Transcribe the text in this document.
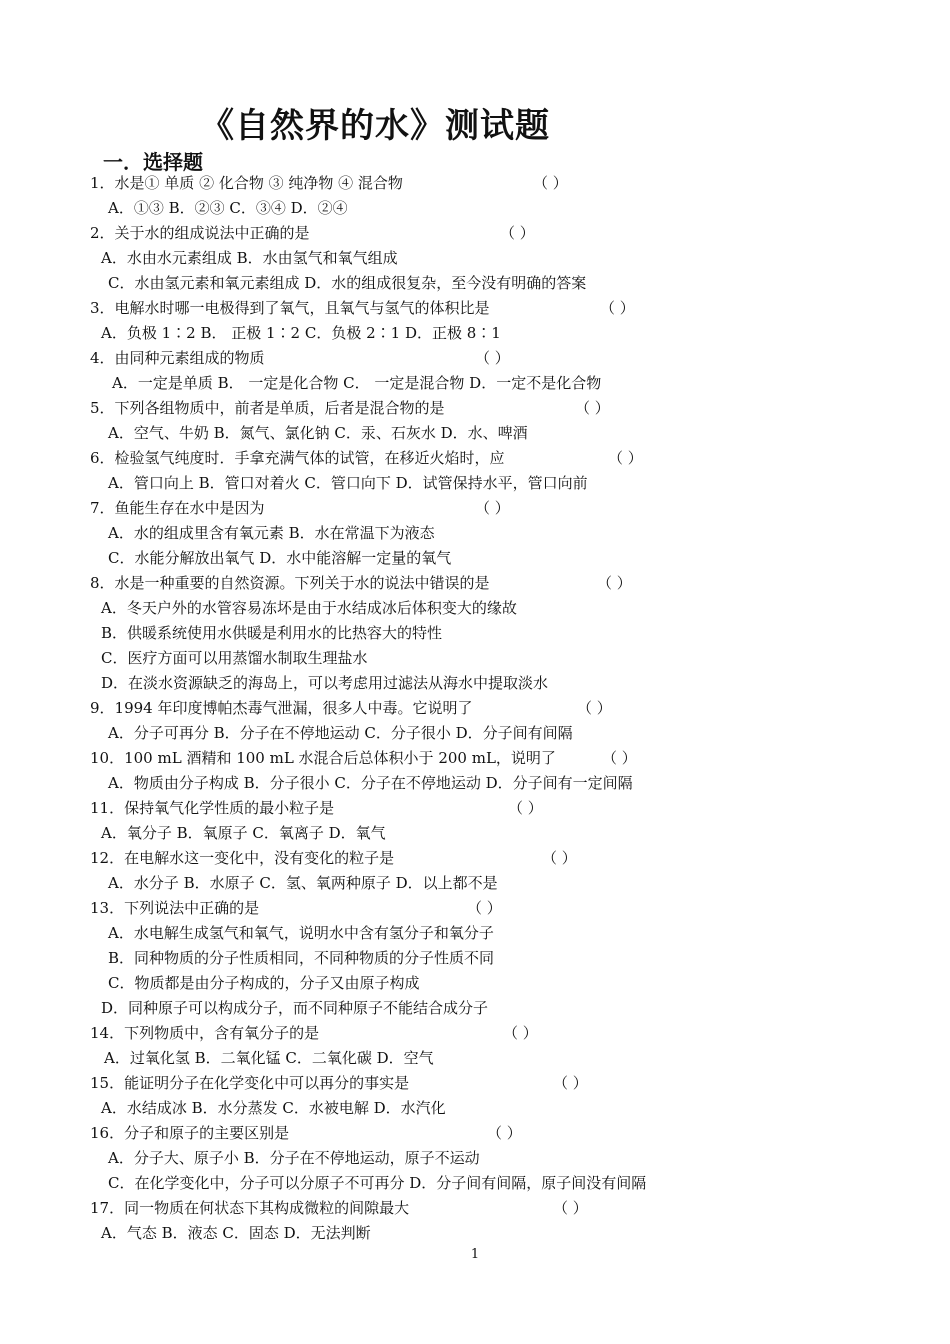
《自然界的水》测试题
一．选择题
1．水是① 单质 ② 化合物 ③ 纯净物 ④ 混合物	（ ）
A．①③ B．②③ C．③④ D．②④
2．关于水的组成说法中正确的是	（ ）
A．水由水元素组成 B．水由氢气和氧气组成
C．水由氢元素和氧元素组成 D．水的组成很复杂，至今没有明确的答案
3．电解水时哪一电极得到了氧气，且氧气与氢气的体积比是	（ ）
A．负极 1∶2 B． 正极 1∶2 C．负极 2∶1 D．正极 8∶1
4．由同种元素组成的物质	（ ）
A．一定是单质 B． 一定是化合物 C． 一定是混合物 D．一定不是化合物
5．下列各组物质中，前者是单质，后者是混合物的是	（ ）
A．空气、牛奶 B．氮气、氯化钠 C．汞、石灰水 D．水、啤酒
6．检验氢气纯度时．手拿充满气体的试管，在移近火焰时，应	（ ）
A．管口向上 B．管口对着火 C．管口向下 D．试管保持水平，管口向前
7．鱼能生存在水中是因为	（ ）
A．水的组成里含有氧元素 B．水在常温下为液态
C．水能分解放出氧气 D．水中能溶解一定量的氧气
8．水是一种重要的自然资源。下列关于水的说法中错误的是	（ ）
A．冬天户外的水管容易冻坏是由于水结成冰后体积变大的缘故
B．供暖系统使用水供暖是利用水的比热容大的特性
C．医疗方面可以用蒸馏水制取生理盐水
D．在淡水资源缺乏的海岛上，可以考虑用过滤法从海水中提取淡水
9．1994 年印度博帕杰毒气泄漏，很多人中毒。它说明了	（ ）
A．分子可再分 B．分子在不停地运动 C．分子很小 D．分子间有间隔
10．100 mL 酒精和 100 mL 水混合后总体积小于 200 mL，说明了	（ ）
A．物质由分子构成 B．分子很小 C．分子在不停地运动 D．分子间有一定间隔
11．保持氧气化学性质的最小粒子是	（ ）
A．氧分子 B．氧原子 C．氧离子 D．氧气
12．在电解水这一变化中，没有变化的粒子是	（ ）
A．水分子 B．水原子 C．氢、氧两种原子 D．以上都不是
13．下列说法中正确的是	（ ）
A．水电解生成氢气和氧气，说明水中含有氢分子和氧分子
B．同种物质的分子性质相同，不同种物质的分子性质不同
C．物质都是由分子构成的，分子又由原子构成
D．同种原子可以构成分子，而不同种原子不能结合成分子
14．下列物质中，含有氧分子的是	（ ）
A．过氧化氢 B．二氧化锰 C．二氧化碳 D．空气
15．能证明分子在化学变化中可以再分的事实是	（ ）
A．水结成冰 B．水分蒸发 C．水被电解 D．水汽化
16．分子和原子的主要区别是	（ ）
A．分子大、原子小 B．分子在不停地运动，原子不运动
C．在化学变化中，分子可以分原子不可再分 D．分子间有间隔，原子间没有间隔
17．同一物质在何状态下其构成微粒的间隙最大	（ ）
A．气态 B．液态 C．固态 D．无法判断
1
